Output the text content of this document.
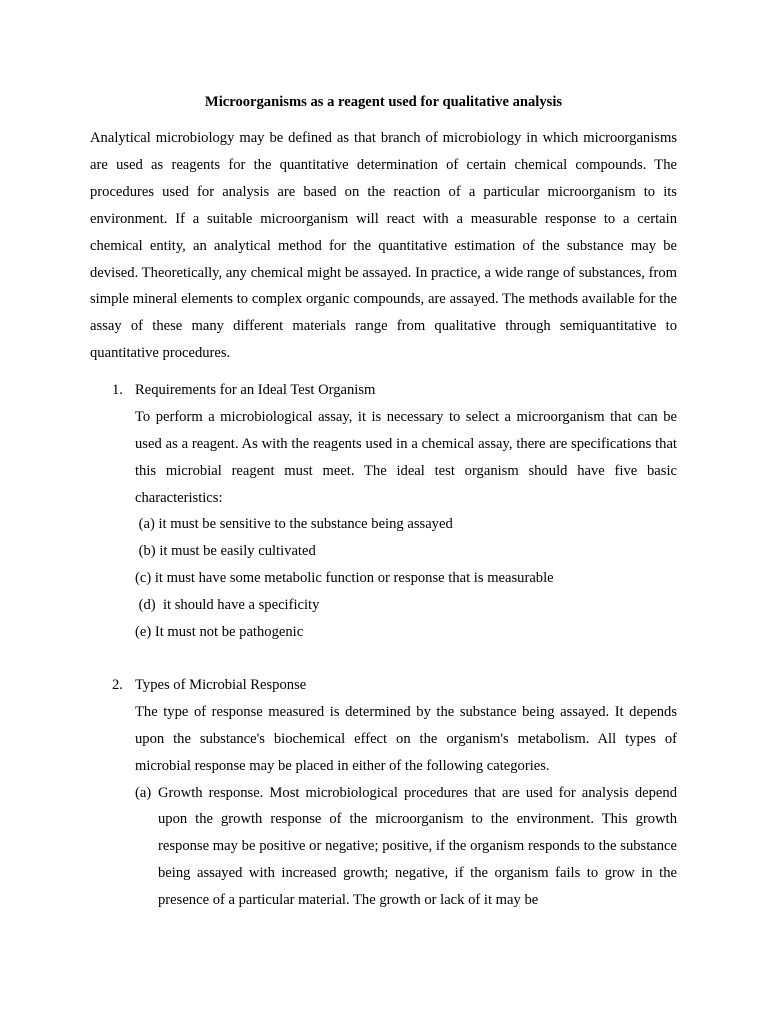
Microorganisms as a reagent used for qualitative analysis

Analytical microbiology may be defined as that branch of microbiology in which microorganisms are used as reagents for the quantitative determination of certain chemical compounds. The procedures used for analysis are based on the reaction of a particular microorganism to its environment. If a suitable microorganism will react with a measurable response to a certain chemical entity, an analytical method for the quantitative estimation of the substance may be devised. Theoretically, any chemical might be assayed. In practice, a wide range of substances, from simple mineral elements to complex organic compounds, are assayed. The methods available for the assay of these many different materials range from qualitative through semiquantitative to quantitative procedures.

1. Requirements for an Ideal Test Organism

To perform a microbiological assay, it is necessary to select a microorganism that can be used as a reagent. As with the reagents used in a chemical assay, there are specifications that this microbial reagent must meet. The ideal test organism should have five basic characteristics:

(a) it must be sensitive to the substance being assayed
(b) it must be easily cultivated
(c) it must have some metabolic function or response that is measurable
(d)  it should have a specificity
(e) It must not be pathogenic
2. Types of Microbial Response

The type of response measured is determined by the substance being assayed. It depends upon the substance's biochemical effect on the organism's metabolism. All types of microbial response may be placed in either of the following categories.

(a) Growth response. Most microbiological procedures that are used for analysis depend upon the growth response of the microorganism to the environment. This growth response may be positive or negative; positive, if the organism responds to the substance being assayed with increased growth; negative, if the organism fails to grow in the presence of a particular material. The growth or lack of it may be
